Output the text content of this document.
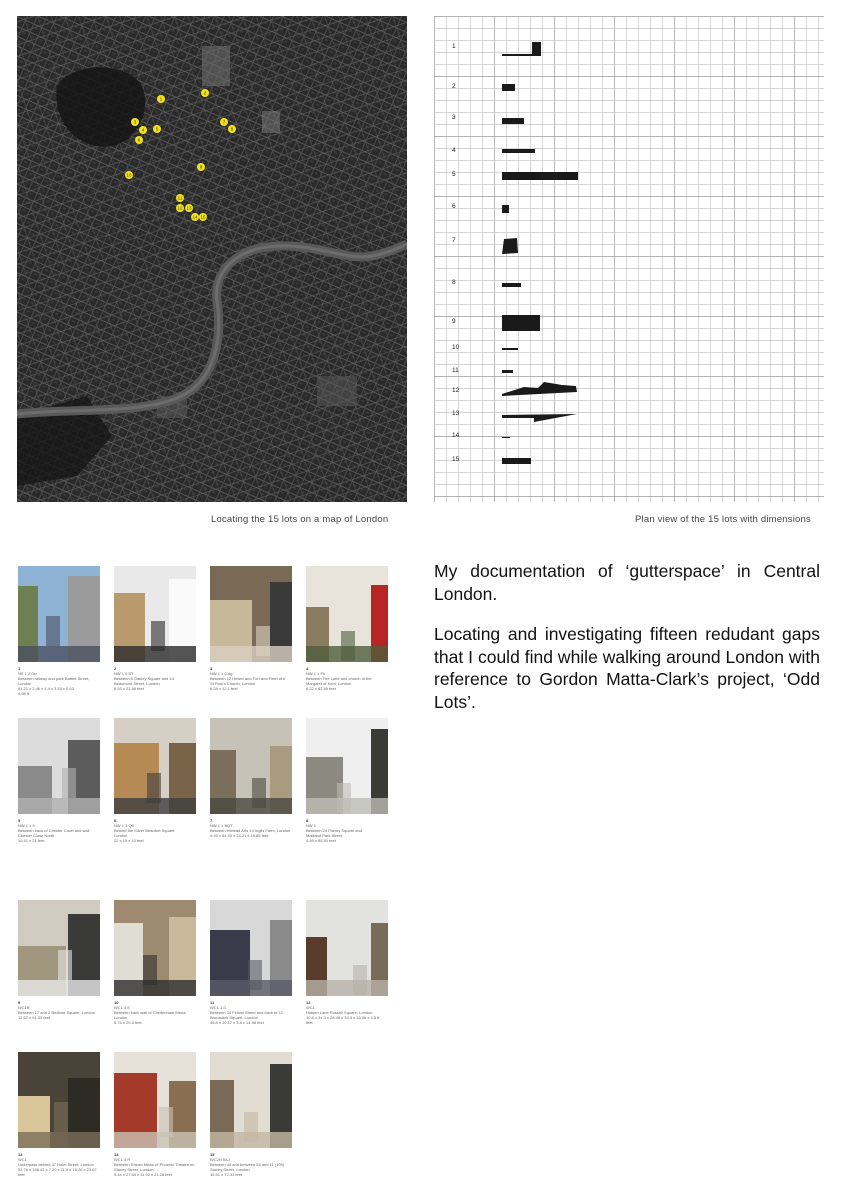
1
2
3
4	5
6
7
8
9
10
11
12 13
14 15
Locating the 15 lots on a map of London
1
2
3
4
5
6
7
8
9
10
11
12
13
14
15
Plan view of the 15 lots with dimensions

My documentation of ‘gutterspace’ in Central London.

Locating and investigating fifteen redudant gaps that I could find while walking around London with reference to Gordon Matta-Clark’s project, ‘Odd Lots’.

1
NE 1 2 0kr
Between railway and park Bartlet Street,
London
61.21 x 2.46 x 1.4 x 3.33 x 0.63
4.98 ft
2
NW 1 0 ET
Between 6 Oakley Square and 44
Beaumont Street, London
8.53 x 22.58 feet
3
NW 1 1 0 Ag
Between 12 Hewer and Fort and Fleet of 6
St Paul’s Church, London
6.28 x 12.1 feet
4
NW 1 1 Pk
Between Fire Lane and church of the
Margaret of Kent, London
6.22 x 82.65 feet
5
NW 1 1 9
Between back of Chester Court and wall
Chester Close North
10.41 x 21 feet
6
NW 1 3 Q6
Behind the Silver Beaufort Square
London
22 x 15 x 10 feet
7
NW 1 1 BQT
Between Hixtead Arts 14 Inglis Farm, London
4.49 x 54.93 x 24.21 x 19.65 feet
8
NW 1
Between 24 Fitzroy Square and
Maitland Park Street
4.49 x 55.93 feet
9
WC1B
Between 17 and 2 Bedford Square, London
12.52 x 91.33 feet
10
WC1 4 E
Between back wall of Cheltenham Mews
London
5.74 x 29.5 feet
11
WC1 1 D
Between 34 Fellow Street and back of 12
Brunswick Square, London
45.8 x 10.17 x 3.8 x 14.98 feet
12
WC1
Hidden Lane Russell Square, London
10.8 x 34.3 x 28.49 x 33.3 x 15.28 x 4.5 ft
feet
13
WC1
Underpass behind 47 Holm Street, London
52.76 x 148.42 x 7.20 x 11.9 x 15.26 x 23.67
feet
14
WC1 4 R
Between Rhead Mews of Phoenix Theatre on
Stacey Street, London
5.44 x 27.54 x 11.92 x 21.28 feet
15
WC2H 9AJ
Between 44 and between 53 and 11 (109)
Stacey Street, London
16.91 x 72.31 feet
